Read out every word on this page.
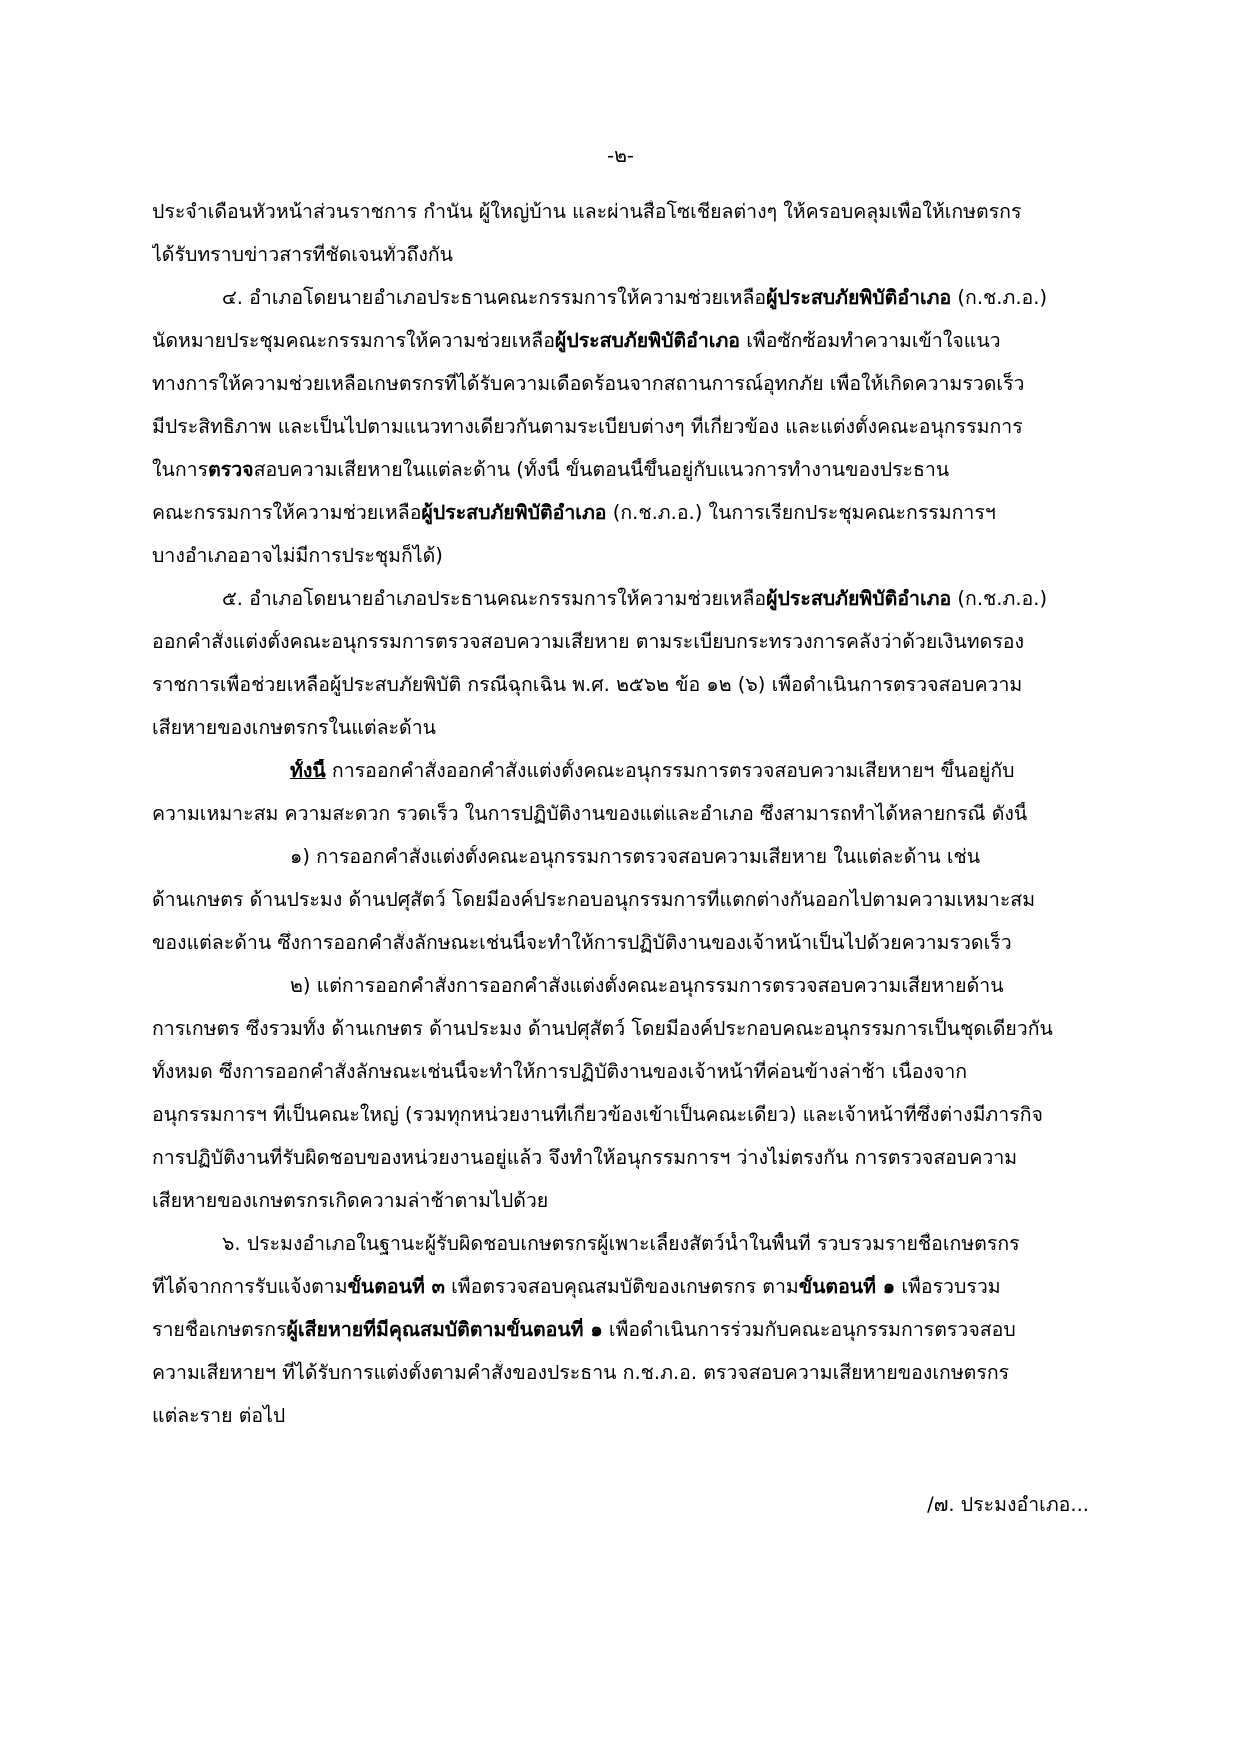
-๒-
ประจำเดือนหัวหน้าส่วนราชการ กำนัน ผู้ใหญ่บ้าน และผ่านสื่อโซเชียลต่างๆ ให้ครอบคลุมเพื่อให้เกษตรกร
ได้รับทราบข่าวสารที่ชัดเจนทั่วถึงกัน
๔. อำเภอโดยนายอำเภอประธานคณะกรรมการให้ความช่วยเหลือผู้ประสบภัยพิบัติอำเภอ (ก.ช.ภ.อ.)
นัดหมายประชุมคณะกรรมการให้ความช่วยเหลือผู้ประสบภัยพิบัติอำเภอ เพื่อซักซ้อมทำความเข้าใจแนว
ทางการให้ความช่วยเหลือเกษตรกรที่ได้รับความเดือดร้อนจากสถานการณ์อุทกภัย เพื่อให้เกิดความรวดเร็ว
มีประสิทธิภาพ และเป็นไปตามแนวทางเดียวกันตามระเบียบต่างๆ ที่เกี่ยวข้อง และแต่งตั้งคณะอนุกรรมการ
ในการตรวจสอบความเสียหายในแต่ละด้าน (ทั้งนี้ ขั้นตอนนี้ขึ้นอยู่กับแนวการทำงานของประธาน
คณะกรรมการให้ความช่วยเหลือผู้ประสบภัยพิบัติอำเภอ (ก.ช.ภ.อ.) ในการเรียกประชุมคณะกรรมการฯ
บางอำเภออาจไม่มีการประชุมก็ได้)
๕. อำเภอโดยนายอำเภอประธานคณะกรรมการให้ความช่วยเหลือผู้ประสบภัยพิบัติอำเภอ (ก.ช.ภ.อ.)
ออกคำสั่งแต่งตั้งคณะอนุกรรมการตรวจสอบความเสียหาย ตามระเบียบกระทรวงการคลังว่าด้วยเงินทดรอง
ราชการเพื่อช่วยเหลือผู้ประสบภัยพิบัติ กรณีฉุกเฉิน พ.ศ. ๒๕๖๒ ข้อ ๑๒ (๖) เพื่อดำเนินการตรวจสอบความ
เสียหายของเกษตรกรในแต่ละด้าน
ทั้งนี้ การออกคำสั่งออกคำสั่งแต่งตั้งคณะอนุกรรมการตรวจสอบความเสียหายฯ ขึ้นอยู่กับ
ความเหมาะสม ความสะดวก รวดเร็ว ในการปฏิบัติงานของแต่และอำเภอ ซึ่งสามารถทำได้หลายกรณี ดังนี้
๑) การออกคำสั่งแต่งตั้งคณะอนุกรรมการตรวจสอบความเสียหาย ในแต่ละด้าน เช่น
ด้านเกษตร ด้านประมง ด้านปศุสัตว์ โดยมีองค์ประกอบอนุกรรมการที่แตกต่างกันออกไปตามความเหมาะสม
ของแต่ละด้าน ซึ่งการออกคำสั่งลักษณะเช่นนี้จะทำให้การปฏิบัติงานของเจ้าหน้าเป็นไปด้วยความรวดเร็ว
๒) แต่การออกคำสั่งการออกคำสั่งแต่งตั้งคณะอนุกรรมการตรวจสอบความเสียหายด้าน
การเกษตร ซึ่งรวมทั้ง ด้านเกษตร ด้านประมง ด้านปศุสัตว์ โดยมีองค์ประกอบคณะอนุกรรมการเป็นชุดเดียวกัน
ทั้งหมด ซึ่งการออกคำสั่งลักษณะเช่นนี้จะทำให้การปฏิบัติงานของเจ้าหน้าที่ค่อนข้างล่าช้า เนื่องจาก
อนุกรรมการฯ ที่เป็นคณะใหญ่ (รวมทุกหน่วยงานที่เกี่ยวข้องเข้าเป็นคณะเดียว) และเจ้าหน้าที่ซึ่งต่างมีภารกิจ
การปฏิบัติงานที่รับผิดชอบของหน่วยงานอยู่แล้ว จึงทำให้อนุกรรมการฯ ว่างไม่ตรงกัน การตรวจสอบความ
เสียหายของเกษตรกรเกิดความล่าช้าตามไปด้วย
๖. ประมงอำเภอในฐานะผู้รับผิดชอบเกษตรกรผู้เพาะเลี้ยงสัตว์น้ำในพื้นที่ รวบรวมรายชื่อเกษตรกร
ที่ได้จากการรับแจ้งตามขั้นตอนที่ ๓ เพื่อตรวจสอบคุณสมบัติของเกษตรกร ตามขั้นตอนที่ ๑ เพื่อรวบรวม
รายชื่อเกษตรกรผู้เสียหายที่มีคุณสมบัติตามขั้นตอนที่ ๑ เพื่อดำเนินการร่วมกับคณะอนุกรรมการตรวจสอบ
ความเสียหายฯ ที่ได้รับการแต่งตั้งตามคำสั่งของประธาน ก.ช.ภ.อ. ตรวจสอบความเสียหายของเกษตรกร
แต่ละราย ต่อไป
/๗. ประมงอำเภอ...
